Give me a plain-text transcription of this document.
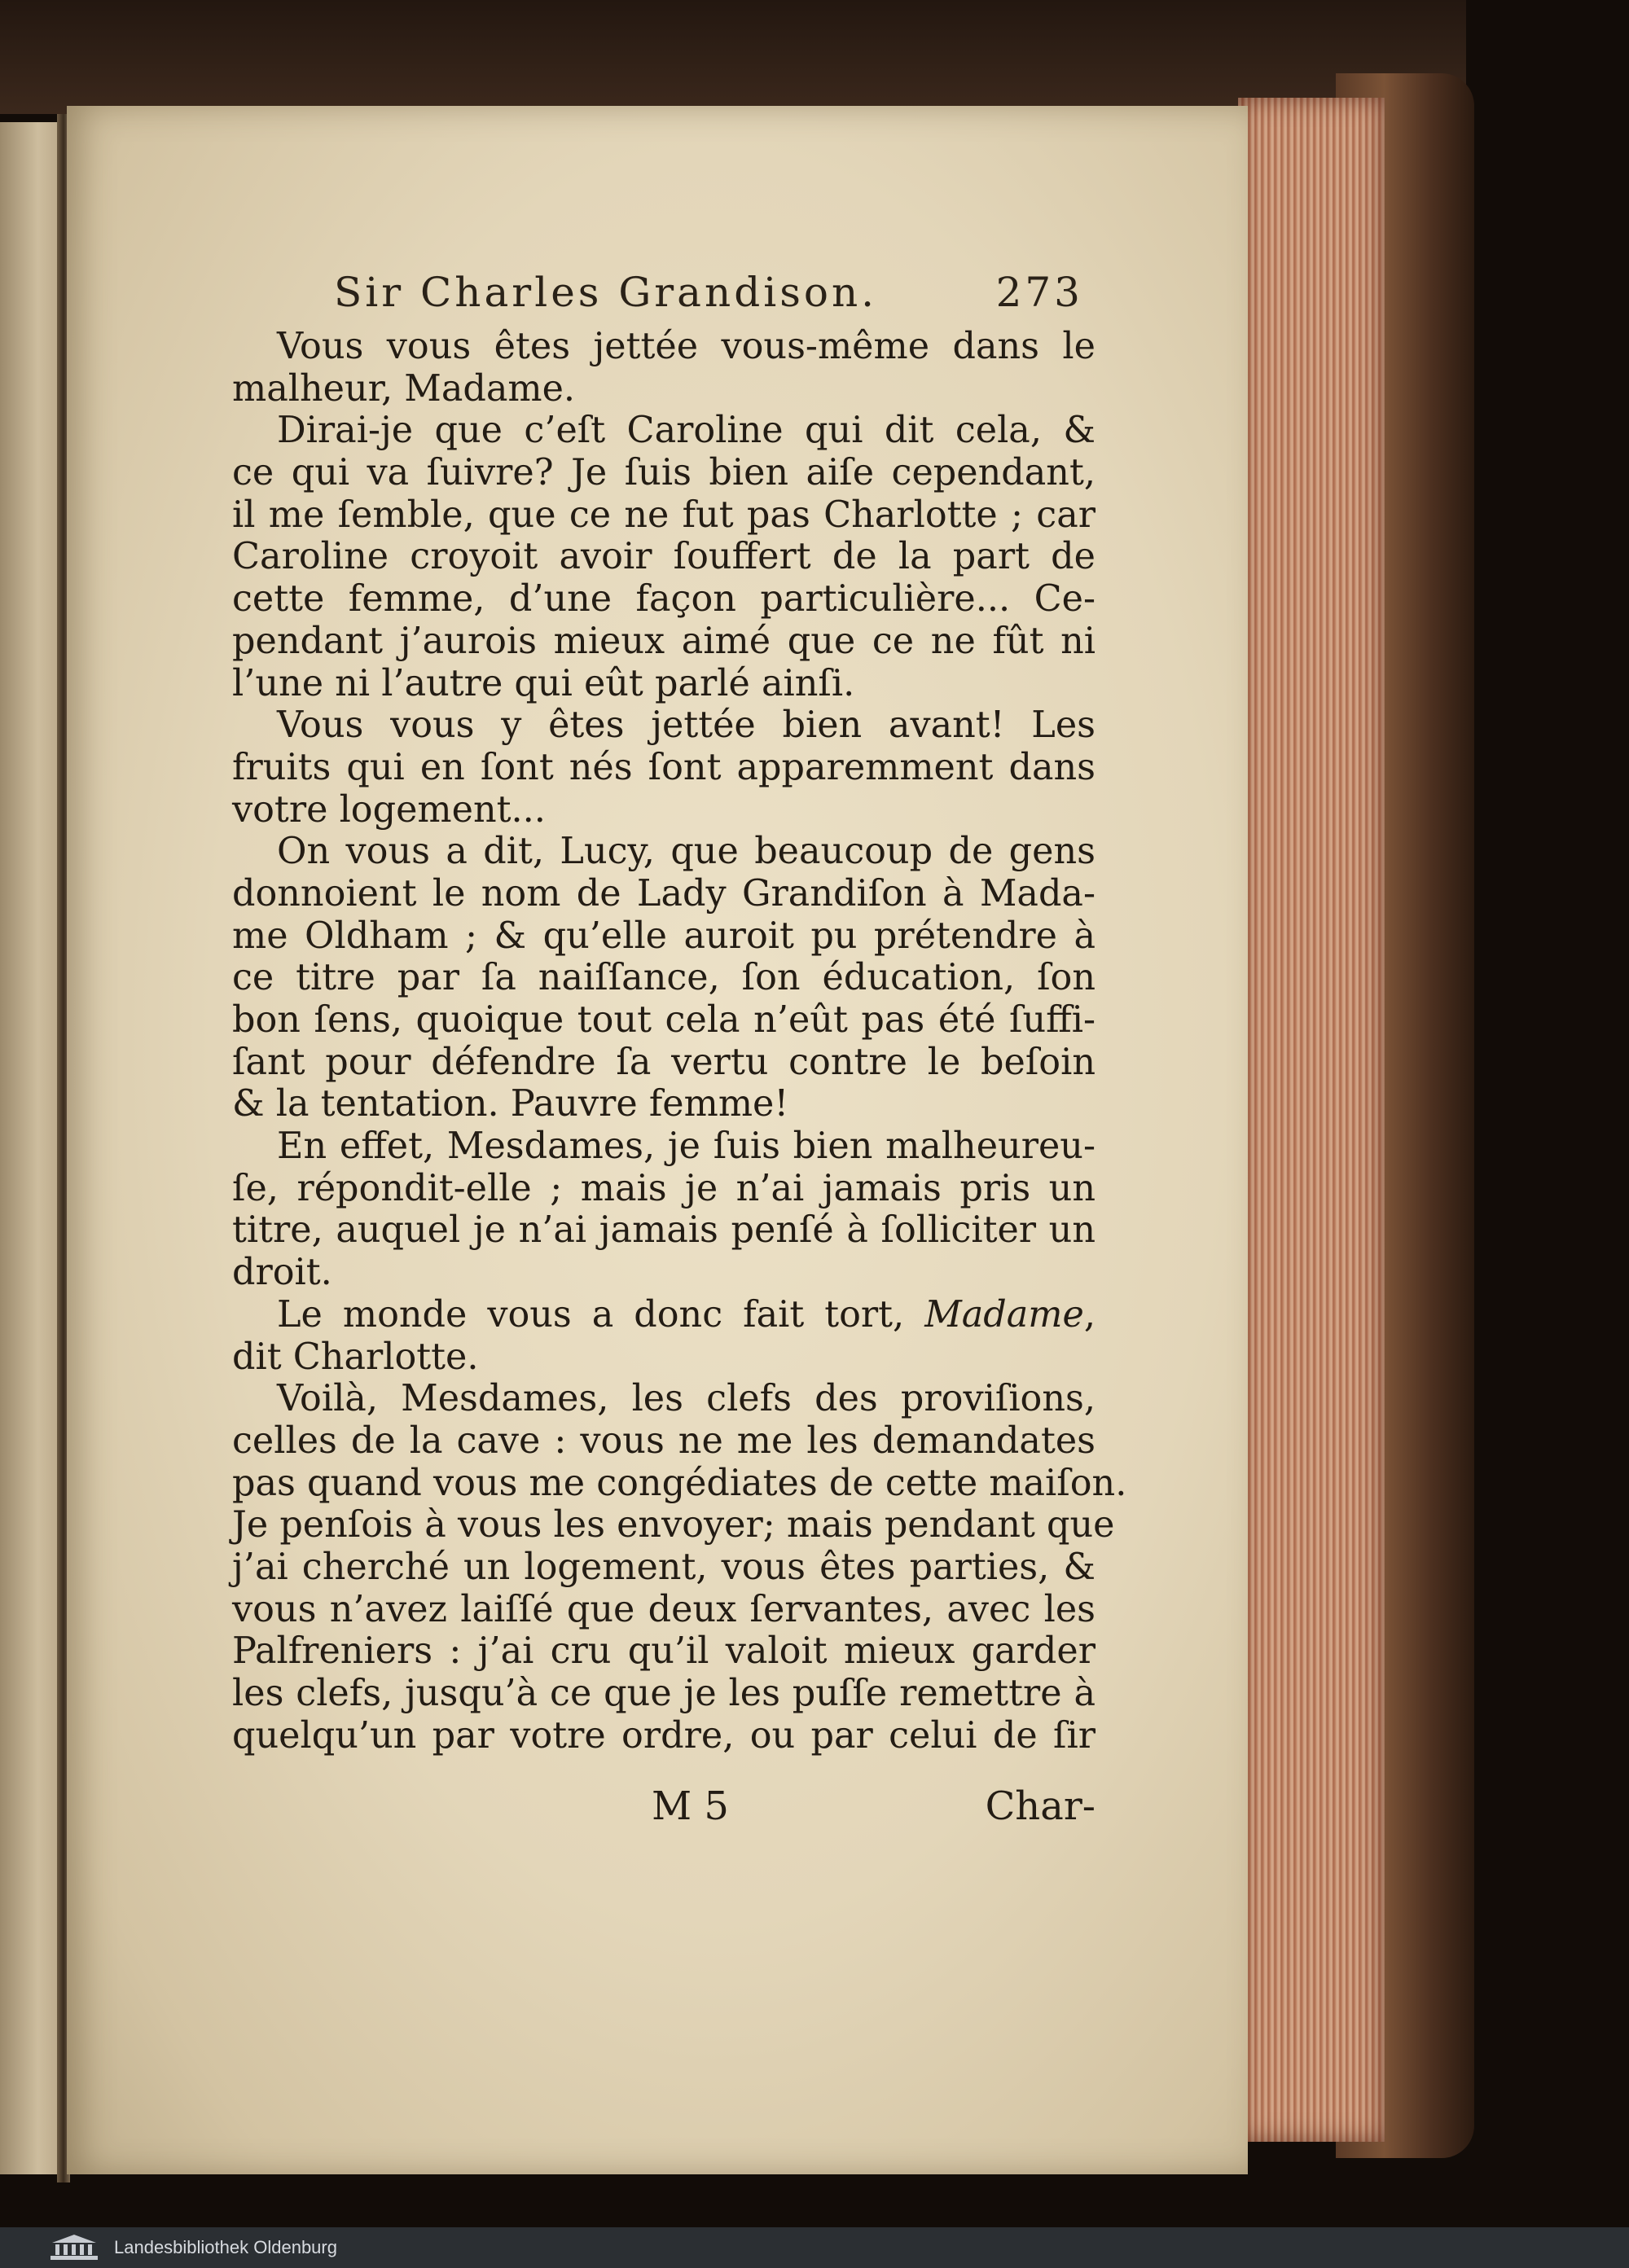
Sir Charles Grandison.	273
Vous vous êtes jettée vous-même dans le
malheur, Madame.
Dirai-je que c’eſt Caroline qui dit cela, &
ce qui va ſuivre? Je ſuis bien aiſe cependant,
il me ſemble, que ce ne fut pas Charlotte ; car
Caroline croyoit avoir ſouffert de la part de
cette femme, d’une façon particulière... Ce-
pendant j’aurois mieux aimé que ce ne fût ni
l’une ni l’autre qui eût parlé ainſi.
Vous vous y êtes jettée bien avant! Les
fruits qui en ſont nés ſont apparemment dans
votre logement...
On vous a dit, Lucy, que beaucoup de gens
donnoient le nom de Lady Grandiſon à Mada-
me Oldham ; & qu’elle auroit pu prétendre à
ce titre par ſa naiſſance, ſon éducation, ſon
bon ſens, quoique tout cela n’eût pas été ſuffi-
ſant pour défendre ſa vertu contre le beſoin
& la tentation. Pauvre femme!
En effet, Mesdames, je ſuis bien malheureu-
ſe, répondit-elle ; mais je n’ai jamais pris un
titre, auquel je n’ai jamais penſé à ſolliciter un
droit.
Le monde vous a donc fait tort, Madame,
dit Charlotte.
Voilà, Mesdames, les clefs des proviſions,
celles de la cave : vous ne me les demandates
pas quand vous me congédiates de cette maiſon.
Je penſois à vous les envoyer; mais pendant que
j’ai cherché un logement, vous êtes parties, &
vous n’avez laiſſé que deux ſervantes, avec les
Palfreniers : j’ai cru qu’il valoit mieux garder
les clefs, jusqu’à ce que je les puſſe remettre à
quelqu’un par votre ordre, ou par celui de ſir
M 5	Char-
Landesbibliothek Oldenburg
